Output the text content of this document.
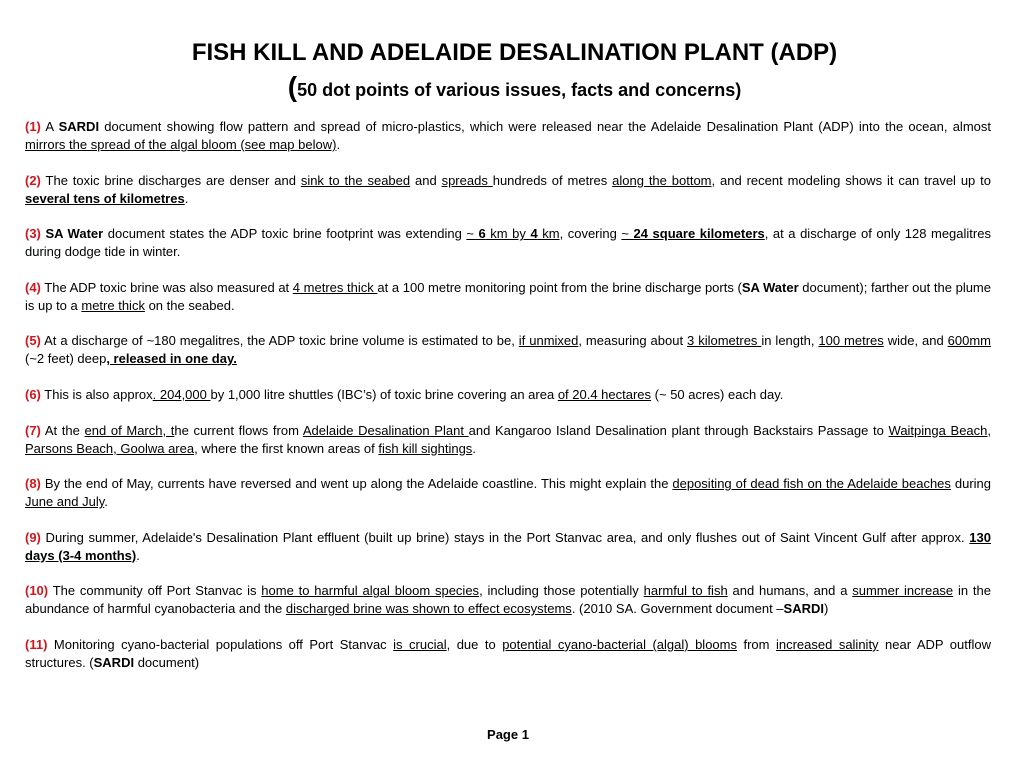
FISH KILL AND ADELAIDE DESALINATION PLANT (ADP)
(50 dot points of various issues, facts and concerns)

(1) A SARDI document showing flow pattern and spread of micro-plastics, which were released near the Adelaide Desalination Plant (ADP) into the ocean, almost mirrors the spread of the algal bloom (see map below).

(2) The toxic brine discharges are denser and sink to the seabed and spreads hundreds of metres along the bottom, and recent modeling shows it can travel up to several tens of kilometres.

(3) SA Water document states the ADP toxic brine footprint was extending ~ 6 km by 4 km, covering ~ 24 square kilometers, at a discharge of only 128 megalitres during dodge tide in winter.

(4) The ADP toxic brine was also measured at 4 metres thick at a 100 metre monitoring point from the brine discharge ports (SA Water document); farther out the plume is up to a metre thick on the seabed.

(5) At a discharge of ~180 megalitres, the ADP toxic brine volume is estimated to be, if unmixed, measuring about 3 kilometres in length, 100 metres wide, and 600mm (~2 feet) deep, released in one day.

(6) This is also approx. 204,000 by 1,000 litre shuttles (IBC’s) of toxic brine covering an area of 20.4 hectares (~ 50 acres) each day.

(7) At the end of March, the current flows from Adelaide Desalination Plant and Kangaroo Island Desalination plant through Backstairs Passage to Waitpinga Beach, Parsons Beach, Goolwa area, where the first known areas of fish kill sightings.

(8) By the end of May, currents have reversed and went up along the Adelaide coastline. This might explain the depositing of dead fish on the Adelaide beaches during June and July.

(9) During summer, Adelaide's Desalination Plant effluent (built up brine) stays in the Port Stanvac area, and only flushes out of Saint Vincent Gulf after approx. 130 days (3-4 months).

(10) The community off Port Stanvac is home to harmful algal bloom species, including those potentially harmful to fish and humans, and a summer increase in the abundance of harmful cyanobacteria and the discharged brine was shown to effect ecosystems. (2010 SA. Government document –SARDI)

(11) Monitoring cyano-bacterial populations off Port Stanvac is crucial, due to potential cyano-bacterial (algal) blooms from increased salinity near ADP outflow structures. (SARDI document)

Page 1
